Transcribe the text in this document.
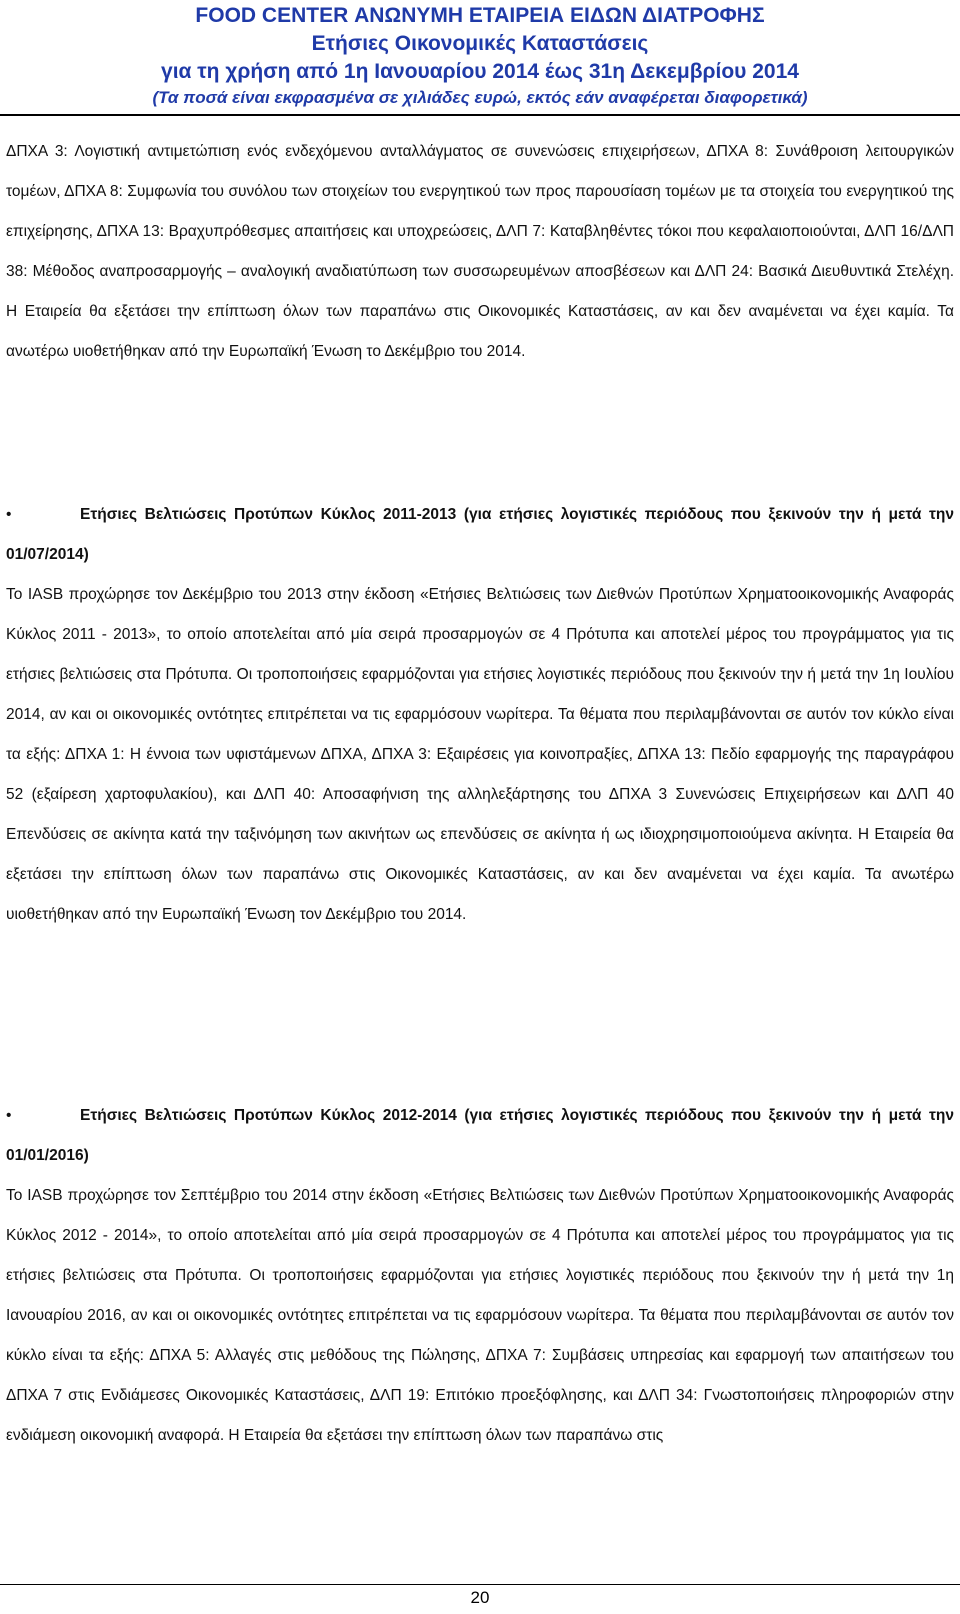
FOOD CENTER ΑΝΩΝΥΜΗ ΕΤΑΙΡΕΙΑ ΕΙΔΩΝ ΔΙΑΤΡΟΦΗΣ
Ετήσιες Οικονομικές Καταστάσεις
για τη χρήση από 1η Ιανουαρίου 2014 έως 31η Δεκεμβρίου 2014
(Τα ποσά είναι εκφρασμένα σε χιλιάδες ευρώ, εκτός εάν αναφέρεται διαφορετικά)

ΔΠΧΑ 3: Λογιστική αντιμετώπιση ενός ενδεχόμενου ανταλλάγματος σε συνενώσεις επιχειρήσεων, ΔΠΧΑ 8: Συνάθροιση λειτουργικών τομέων, ΔΠΧΑ 8: Συμφωνία του συνόλου των στοιχείων του ενεργητικού των προς παρουσίαση τομέων με τα στοιχεία του ενεργητικού της επιχείρησης, ΔΠΧΑ 13: Βραχυπρόθεσμες απαιτήσεις και υποχρεώσεις, ΔΛΠ 7: Καταβληθέντες τόκοι που κεφαλαιοποιούνται, ΔΛΠ 16/ΔΛΠ 38: Μέθοδος αναπροσαρμογής – αναλογική αναδιατύπωση των συσσωρευμένων αποσβέσεων και ΔΛΠ 24: Βασικά Διευθυντικά Στελέχη. Η Εταιρεία θα εξετάσει την επίπτωση όλων των παραπάνω στις Οικονομικές Καταστάσεις, αν και δεν αναμένεται να έχει καμία. Τα ανωτέρω υιοθετήθηκαν από την Ευρωπαϊκή Ένωση το Δεκέμβριο του 2014.

•	Ετήσιες Βελτιώσεις Προτύπων Κύκλος 2011-2013 (για ετήσιες λογιστικές περιόδους που ξεκινούν την ή μετά την 01/07/2014)

Το IASB προχώρησε τον Δεκέμβριο του 2013 στην έκδοση «Ετήσιες Βελτιώσεις των Διεθνών Προτύπων Χρηματοοικονομικής Αναφοράς Κύκλος 2011 - 2013», το οποίο αποτελείται από μία σειρά προσαρμογών σε 4 Πρότυπα και αποτελεί μέρος του προγράμματος για τις ετήσιες βελτιώσεις στα Πρότυπα. Οι τροποποιήσεις εφαρμόζονται για ετήσιες λογιστικές περιόδους που ξεκινούν την ή μετά την 1η Ιουλίου 2014, αν και οι οικονομικές οντότητες επιτρέπεται να τις εφαρμόσουν νωρίτερα. Τα θέματα που περιλαμβάνονται σε αυτόν τον κύκλο είναι τα εξής: ΔΠΧΑ 1: Η έννοια των υφιστάμενων ΔΠΧΑ, ΔΠΧΑ 3: Εξαιρέσεις για κοινοπραξίες, ΔΠΧΑ 13: Πεδίο εφαρμογής της παραγράφου 52 (εξαίρεση χαρτοφυλακίου), και ΔΛΠ 40: Αποσαφήνιση της αλληλεξάρτησης του ΔΠΧΑ 3 Συνενώσεις Επιχειρήσεων και ΔΛΠ 40 Επενδύσεις σε ακίνητα κατά την ταξινόμηση των ακινήτων ως επενδύσεις σε ακίνητα ή ως ιδιοχρησιμοποιούμενα ακίνητα. Η Εταιρεία θα εξετάσει την επίπτωση όλων των παραπάνω στις Οικονομικές Καταστάσεις, αν και δεν αναμένεται να έχει καμία. Τα ανωτέρω υιοθετήθηκαν από την Ευρωπαϊκή Ένωση τον Δεκέμβριο του 2014.

•	Ετήσιες Βελτιώσεις Προτύπων Κύκλος 2012-2014 (για ετήσιες λογιστικές περιόδους που ξεκινούν την ή μετά την 01/01/2016)

Το IASB προχώρησε τον Σεπτέμβριο του 2014 στην έκδοση «Ετήσιες Βελτιώσεις των Διεθνών Προτύπων Χρηματοοικονομικής Αναφοράς Κύκλος 2012 - 2014», το οποίο αποτελείται από μία σειρά προσαρμογών σε 4 Πρότυπα και αποτελεί μέρος του προγράμματος για τις ετήσιες βελτιώσεις στα Πρότυπα. Οι τροποποιήσεις εφαρμόζονται για ετήσιες λογιστικές περιόδους που ξεκινούν την ή μετά την 1η Ιανουαρίου 2016, αν και οι οικονομικές οντότητες επιτρέπεται να τις εφαρμόσουν νωρίτερα. Τα θέματα που περιλαμβάνονται σε αυτόν τον κύκλο είναι τα εξής: ΔΠΧΑ 5: Αλλαγές στις μεθόδους της Πώλησης, ΔΠΧΑ 7: Συμβάσεις υπηρεσίας και εφαρμογή των απαιτήσεων του ΔΠΧΑ 7 στις Ενδιάμεσες Οικονομικές Καταστάσεις, ΔΛΠ 19: Επιτόκιο προεξόφλησης, και ΔΛΠ 34: Γνωστοποιήσεις πληροφοριών στην ενδιάμεση οικονομική αναφορά. Η Εταιρεία θα εξετάσει την επίπτωση όλων των παραπάνω στις

20
